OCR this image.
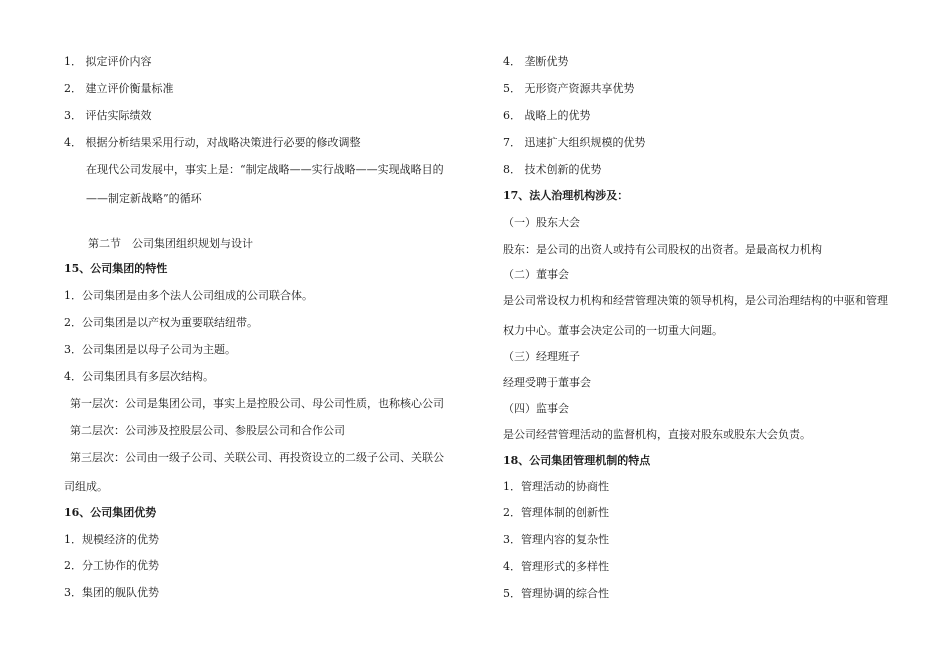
1． 拟定评价内容
2． 建立评价衡量标准
3． 评估实际绩效
4． 根据分析结果采用行动，对战略决策进行必要的修改调整
在现代公司发展中，事实上是：“制定战略——实行战略——实现战略目的
——制定新战略”的循环
第二节　公司集团组织规划与设计
15、公司集团的特性
1．公司集团是由多个法人公司组成的公司联合体。
2．公司集团是以产权为重要联结纽带。
3．公司集团是以母子公司为主题。
4．公司集团具有多层次结构。
第一层次：公司是集团公司，事实上是控股公司、母公司性质，也称核心公司
第二层次：公司涉及控股层公司、参股层公司和合作公司
第三层次：公司由一级子公司、关联公司、再投资设立的二级子公司、关联公
司组成。
16、公司集团优势
1．规模经济的优势
2．分工协作的优势
3．集团的舰队优势
4． 垄断优势
5． 无形资产资源共享优势
6． 战略上的优势
7． 迅速扩大组织规模的优势
8． 技术创新的优势
17、法人治理机构涉及：
（一）股东大会
股东：是公司的出资人或持有公司股权的出资者。是最高权力机构
（二）董事会
是公司常设权力机构和经营管理决策的领导机构，是公司治理结构的中驱和管理
权力中心。董事会决定公司的一切重大问题。
（三）经理班子
经理受聘于董事会
（四）监事会
是公司经营管理活动的监督机构，直接对股东或股东大会负责。
18、公司集团管理机制的特点
1．管理活动的协商性
2．管理体制的创新性
3．管理内容的复杂性
4．管理形式的多样性
5．管理协调的综合性
